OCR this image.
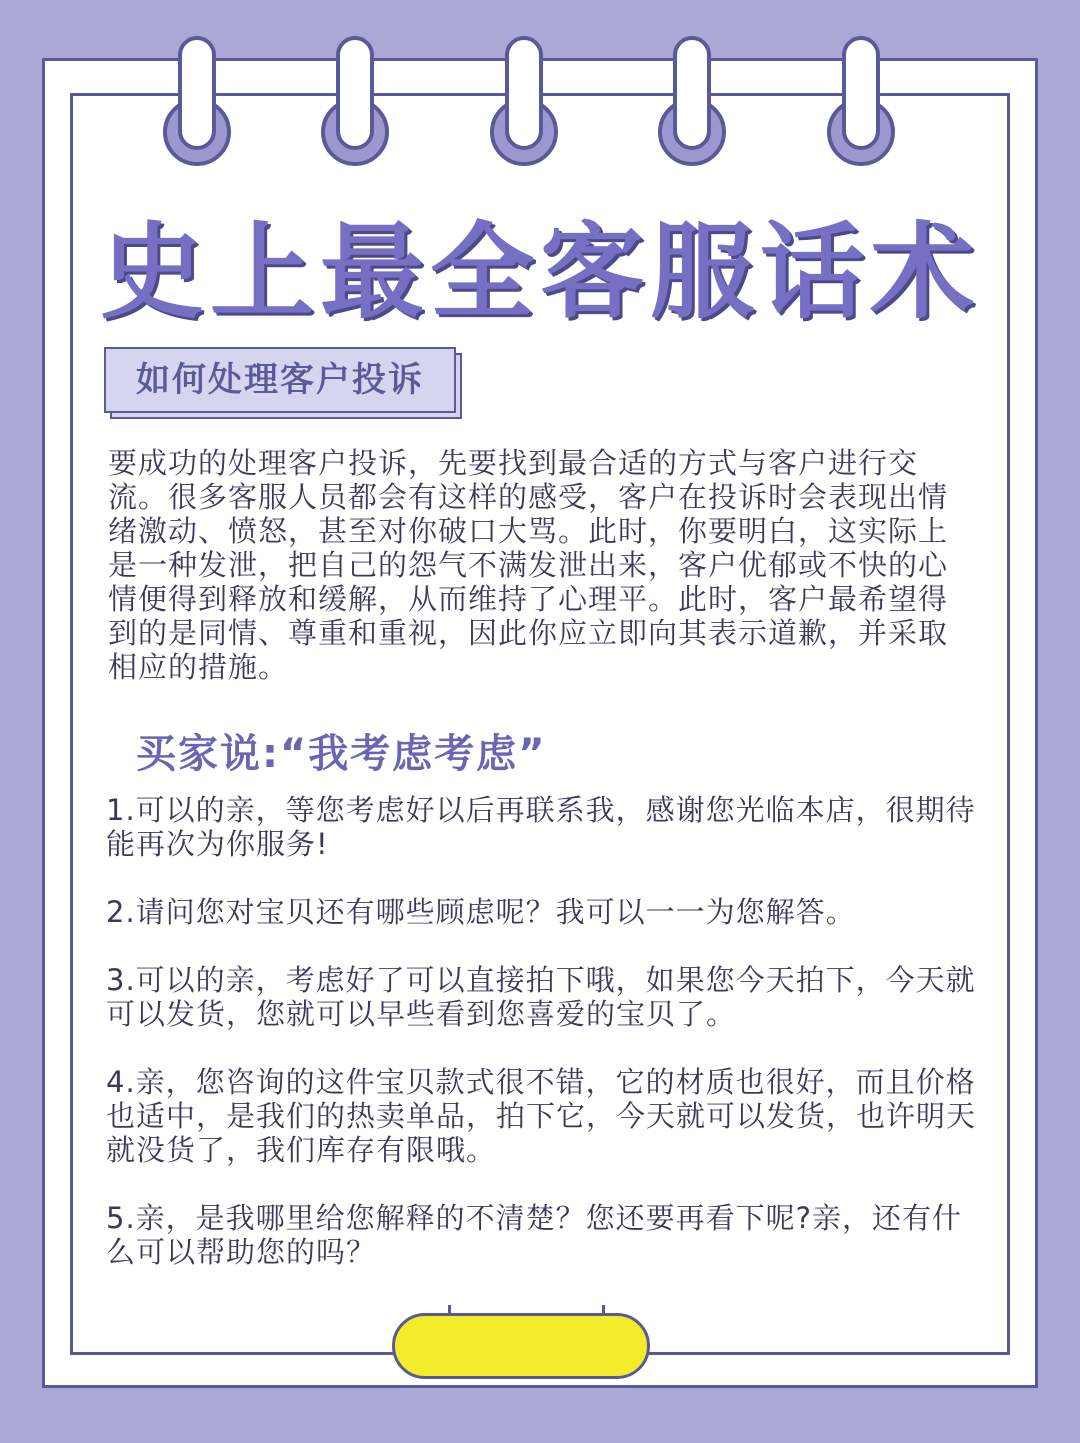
史上最全客服话术
如何处理客户投诉

要成功的处理客户投诉，先要找到最合适的方式与客户进行交流。很多客服人员都会有这样的感受，客户在投诉时会表现出情绪激动、愤怒，甚至对你破口大骂。此时，你要明白，这实际上是一种发泄，把自己的怨气不满发泄出来，客户优郁或不快的心情便得到释放和缓解，从而维持了心理平。此时，客户最希望得到的是同情、尊重和重视，因此你应立即向其表示道歉，并采取相应的措施。

买家说:“我考虑考虑”

1.可以的亲，等您考虑好以后再联系我，感谢您光临本店，很期待能再次为你服务!

2.请问您对宝贝还有哪些顾虑呢？我可以一一为您解答。

3.可以的亲，考虑好了可以直接拍下哦，如果您今天拍下，今天就可以发货，您就可以早些看到您喜爱的宝贝了。

4.亲，您咨询的这件宝贝款式很不错，它的材质也很好，而且价格也适中，是我们的热卖单品，拍下它，今天就可以发货，也许明天就没货了，我们库存有限哦。

5.亲，是我哪里给您解释的不清楚？您还要再看下呢?亲，还有什么可以帮助您的吗？
